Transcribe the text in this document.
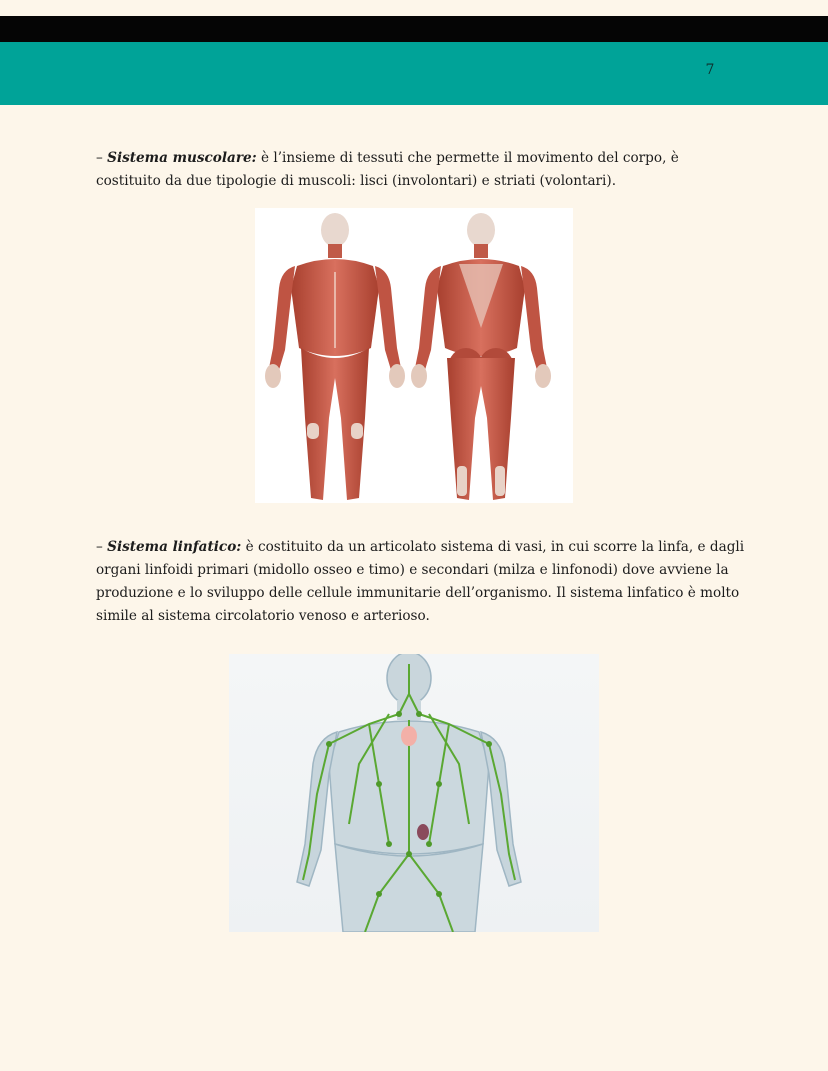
7

– Sistema muscolare: è l’insieme di tessuti che permette il movimento del corpo, è costituito da due tipologie di muscoli: lisci (involontari) e striati (volontari).

– Sistema linfatico: è costituito da un articolato sistema di vasi, in cui scorre la linfa, e dagli organi linfoidi primari (midollo osseo e timo) e secondari (milza e linfonodi) dove avviene la produzione e lo sviluppo delle cellule immunitarie dell’organismo. Il sistema linfatico è molto simile al sistema circolatorio venoso e arterioso.
